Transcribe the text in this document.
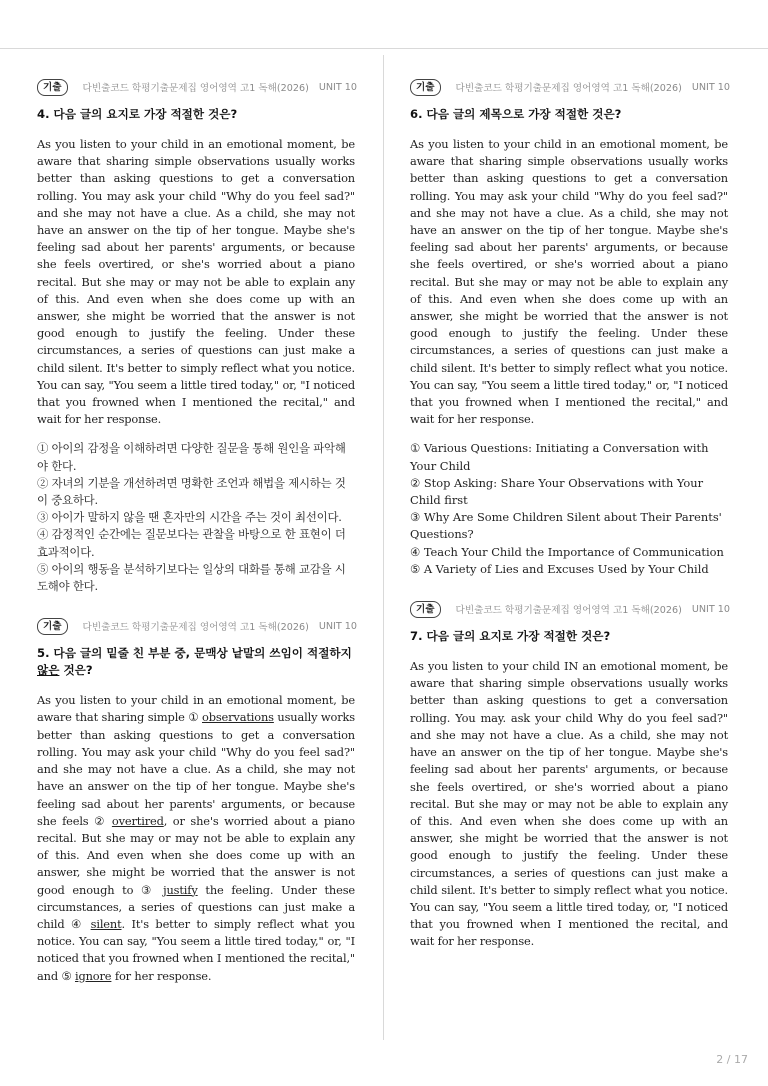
기출	다빈출코드 학평기출문제집 영어영역 고1 독해(2026) UNIT 10

4. 다음 글의 요지로 가장 적절한 것은?

As you listen to your child in an emotional moment, be aware that sharing simple observations usually works better than asking questions to get a conversation rolling. You may ask your child "Why do you feel sad?" and she may not have a clue. As a child, she may not have an answer on the tip of her tongue. Maybe she's feeling sad about her parents' arguments, or because she feels overtired, or she's worried about a piano recital. But she may or may not be able to explain any of this. And even when she does come up with an answer, she might be worried that the answer is not good enough to justify the feeling. Under these circumstances, a series of questions can just make a child silent. It's better to simply reflect what you notice. You can say, "You seem a little tired today," or, "I noticed that you frowned when I mentioned the recital," and wait for her response.

① 아이의 감정을 이해하려면 다양한 질문을 통해 원인을 파악해야 한다.
② 자녀의 기분을 개선하려면 명확한 조언과 해법을 제시하는 것이 중요하다.
③ 아이가 말하지 않을 땐 혼자만의 시간을 주는 것이 최선이다.
④ 감정적인 순간에는 질문보다는 관찰을 바탕으로 한 표현이 더 효과적이다.
⑤ 아이의 행동을 분석하기보다는 일상의 대화를 통해 교감을 시도해야 한다.
기출	다빈출코드 학평기출문제집 영어영역 고1 독해(2026) UNIT 10

5. 다음 글의 밑줄 친 부분 중, 문맥상 낱말의 쓰임이 적절하지 않은 것은?

As you listen to your child in an emotional moment, be aware that sharing simple ① observations usually works better than asking questions to get a conversation rolling. You may ask your child "Why do you feel sad?" and she may not have a clue. As a child, she may not have an answer on the tip of her tongue. Maybe she's feeling sad about her parents' arguments, or because she feels ② overtired, or she's worried about a piano recital. But she may or may not be able to explain any of this. And even when she does come up with an answer, she might be worried that the answer is not good enough to ③ justify the feeling. Under these circumstances, a series of questions can just make a child ④ silent. It's better to simply reflect what you notice. You can say, "You seem a little tired today," or, "I noticed that you frowned when I mentioned the recital," and ⑤ ignore for her response.

기출	다빈출코드 학평기출문제집 영어영역 고1 독해(2026) UNIT 10

6. 다음 글의 제목으로 가장 적절한 것은?

As you listen to your child in an emotional moment, be aware that sharing simple observations usually works better than asking questions to get a conversation rolling. You may ask your child "Why do you feel sad?" and she may not have a clue. As a child, she may not have an answer on the tip of her tongue. Maybe she's feeling sad about her parents' arguments, or because she feels overtired, or she's worried about a piano recital. But she may or may not be able to explain any of this. And even when she does come up with an answer, she might be worried that the answer is not good enough to justify the feeling. Under these circumstances, a series of questions can just make a child silent. It's better to simply reflect what you notice. You can say, "You seem a little tired today," or, "I noticed that you frowned when I mentioned the recital," and wait for her response.

① Various Questions: Initiating a Conversation with Your Child
② Stop Asking: Share Your Observations with Your Child first
③ Why Are Some Children Silent about Their Parents' Questions?
④ Teach Your Child the Importance of Communication
⑤ A Variety of Lies and Excuses Used by Your Child
기출	다빈출코드 학평기출문제집 영어영역 고1 독해(2026) UNIT 10

7. 다음 글의 요지로 가장 적절한 것은?

As you listen to your child IN an emotional moment, be aware that sharing simple observations usually works better than asking questions to get a conversation rolling. You may. ask your child Why do you feel sad?" and she may not have a clue. As a child, she may not have an answer on the tip of her tongue. Maybe she's feeling sad about her parents' arguments, or because she feels overtired, or she's worried about a piano recital. But she may or may not be able to explain any of this. And even when she does come up with an answer, she might be worried that the answer is not good enough to justify the feeling. Under these circumstances, a series of questions can just make a child silent. It's better to simply reflect what you notice. You can say, "You seem a little tired today, or, "I noticed that you frowned when I mentioned the recital, and wait for her response.

2 / 17
